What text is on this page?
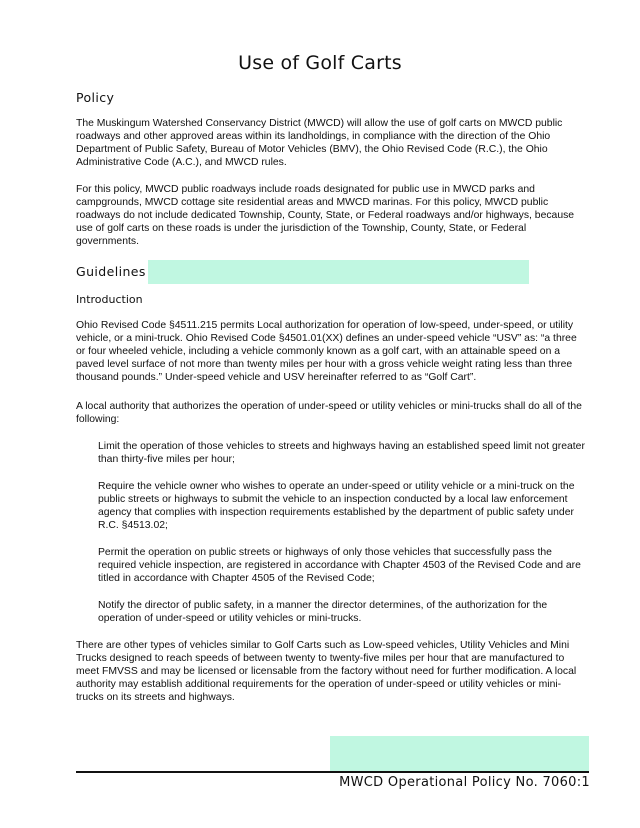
Use of Golf Carts
Policy

The Muskingum Watershed Conservancy District (MWCD) will allow the use of golf carts on MWCD public roadways and other approved areas within its landholdings, in compliance with the direction of the Ohio Department of Public Safety, Bureau of Motor Vehicles (BMV), the Ohio Revised Code (R.C.), the Ohio Administrative Code (A.C.), and MWCD rules.

For this policy, MWCD public roadways include roads designated for public use in MWCD parks and campgrounds, MWCD cottage site residential areas and MWCD marinas. For this policy, MWCD public roadways do not include dedicated Township, County, State, or Federal roadways and/or highways, because use of golf carts on these roads is under the jurisdiction of the Township, County, State, or Federal governments.

Guidelines
Introduction

Ohio Revised Code §4511.215 permits Local authorization for operation of low-speed, under-speed, or utility vehicle, or a mini-truck. Ohio Revised Code §4501.01(XX) defines an under-speed vehicle “USV” as: “a three or four wheeled vehicle, including a vehicle commonly known as a golf cart, with an attainable speed on a paved level surface of not more than twenty miles per hour with a gross vehicle weight rating less than three thousand pounds.” Under-speed vehicle and USV hereinafter referred to as “Golf Cart”.

A local authority that authorizes the operation of under-speed or utility vehicles or mini-trucks shall do all of the following:

Limit the operation of those vehicles to streets and highways having an established speed limit not greater than thirty-five miles per hour;

Require the vehicle owner who wishes to operate an under-speed or utility vehicle or a mini-truck on the public streets or highways to submit the vehicle to an inspection conducted by a local law enforcement agency that complies with inspection requirements established by the department of public safety under R.C. §4513.02;

Permit the operation on public streets or highways of only those vehicles that successfully pass the required vehicle inspection, are registered in accordance with Chapter 4503 of the Revised Code and are titled in accordance with Chapter 4505 of the Revised Code;

Notify the director of public safety, in a manner the director determines, of the authorization for the operation of under-speed or utility vehicles or mini-trucks.

There are other types of vehicles similar to Golf Carts such as Low-speed vehicles, Utility Vehicles and Mini Trucks designed to reach speeds of between twenty to twenty-five miles per hour that are manufactured to meet FMVSS and may be licensed or licensable from the factory without need for further modification. A local authority may establish additional requirements for the operation of under-speed or utility vehicles or mini-trucks on its streets and highways.

MWCD Operational Policy No. 7060:1
